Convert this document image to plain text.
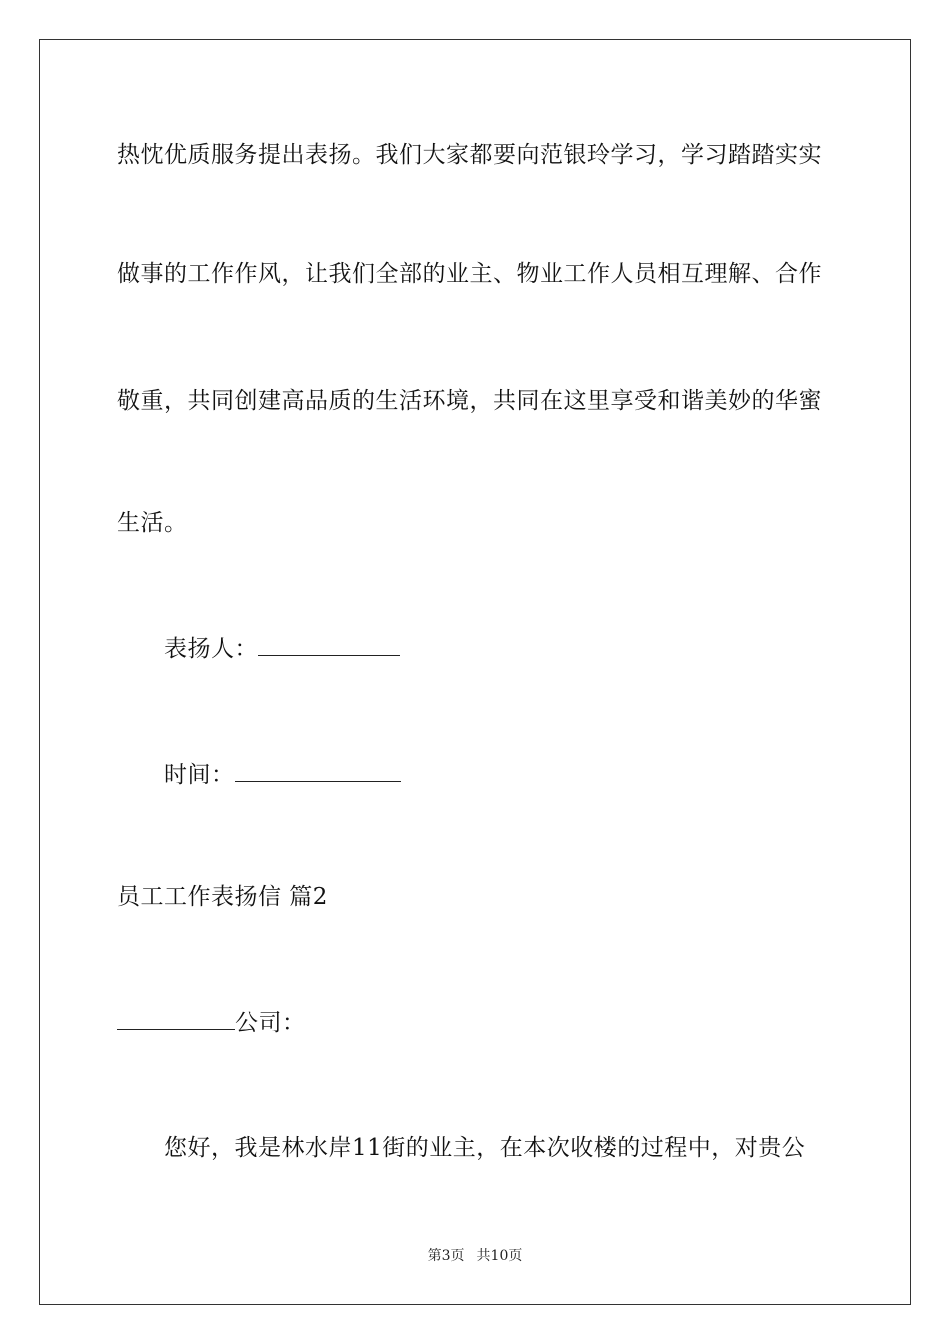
热忱优质服务提出表扬。我们大家都要向范银玲学习，学习踏踏实实
做事的工作作风，让我们全部的业主、物业工作人员相互理解、合作
敬重，共同创建高品质的生活环境，共同在这里享受和谐美妙的华蜜
生活。
表扬人：
时间：
员工工作表扬信 篇2
公司：
您好，我是林水岸11街的业主，在本次收楼的过程中，对贵公
第3页 共10页
